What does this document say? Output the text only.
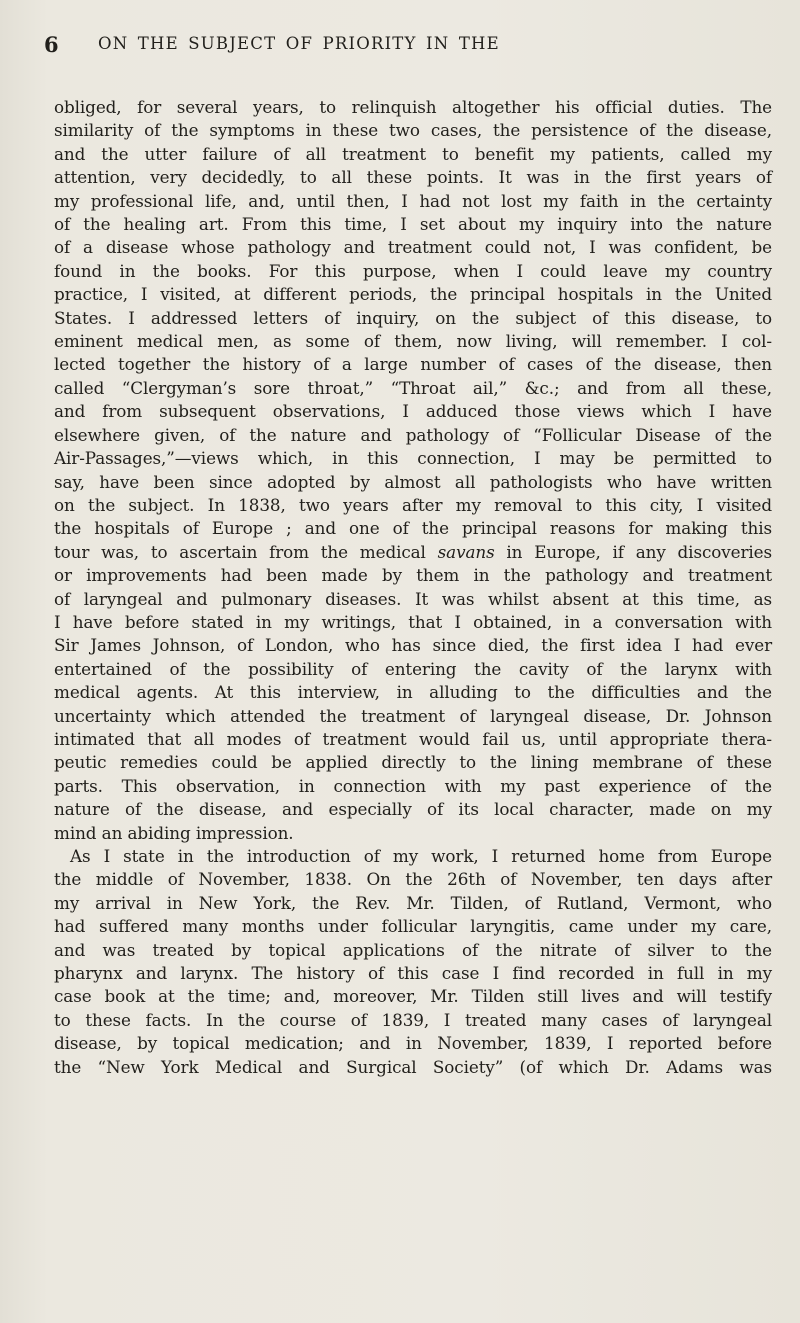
6 ON THE SUBJECT OF PRIORITY IN THE

obliged, for several years, to relinquish altogether his official duties. The
similarity of the symptoms in these two cases, the persistence of the disease,
and the utter failure of all treatment to benefit my patients, called my
attention, very decidedly, to all these points. It was in the first years of
my professional life, and, until then, I had not lost my faith in the certainty
of the healing art. From this time, I set about my inquiry into the nature
of a disease whose pathology and treatment could not, I was confident, be
found in the books. For this purpose, when I could leave my country
practice, I visited, at different periods, the principal hospitals in the United
States. I addressed letters of inquiry, on the subject of this disease, to
eminent medical men, as some of them, now living, will remember. I col-
lected together the history of a large number of cases of the disease, then
called “Clergyman’s sore throat,” “Throat ail,” &c.; and from all these,
and from subsequent observations, I adduced those views which I have
elsewhere given, of the nature and pathology of “Follicular Disease of the
Air-Passages,”—views which, in this connection, I may be permitted to
say, have been since adopted by almost all pathologists who have written
on the subject. In 1838, two years after my removal to this city, I visited
the hospitals of Europe ; and one of the principal reasons for making this
tour was, to ascertain from the medical savans in Europe, if any discoveries
or improvements had been made by them in the pathology and treatment
of laryngeal and pulmonary diseases. It was whilst absent at this time, as
I have before stated in my writings, that I obtained, in a conversation with
Sir James Johnson, of London, who has since died, the first idea I had ever
entertained of the possibility of entering the cavity of the larynx with
medical agents. At this interview, in alluding to the difficulties and the
uncertainty which attended the treatment of laryngeal disease, Dr. Johnson
intimated that all modes of treatment would fail us, until appropriate thera-
peutic remedies could be applied directly to the lining membrane of these
parts. This observation, in connection with my past experience of the
nature of the disease, and especially of its local character, made on my
mind an abiding impression.

As I state in the introduction of my work, I returned home from Europe
the middle of November, 1838. On the 26th of November, ten days after
my arrival in New York, the Rev. Mr. Tilden, of Rutland, Vermont, who
had suffered many months under follicular laryngitis, came under my care,
and was treated by topical applications of the nitrate of silver to the
pharynx and larynx. The history of this case I find recorded in full in my
case book at the time; and, moreover, Mr. Tilden still lives and will testify
to these facts. In the course of 1839, I treated many cases of laryngeal
disease, by topical medication; and in November, 1839, I reported before
the “New York Medical and Surgical Society” (of which Dr. Adams was
